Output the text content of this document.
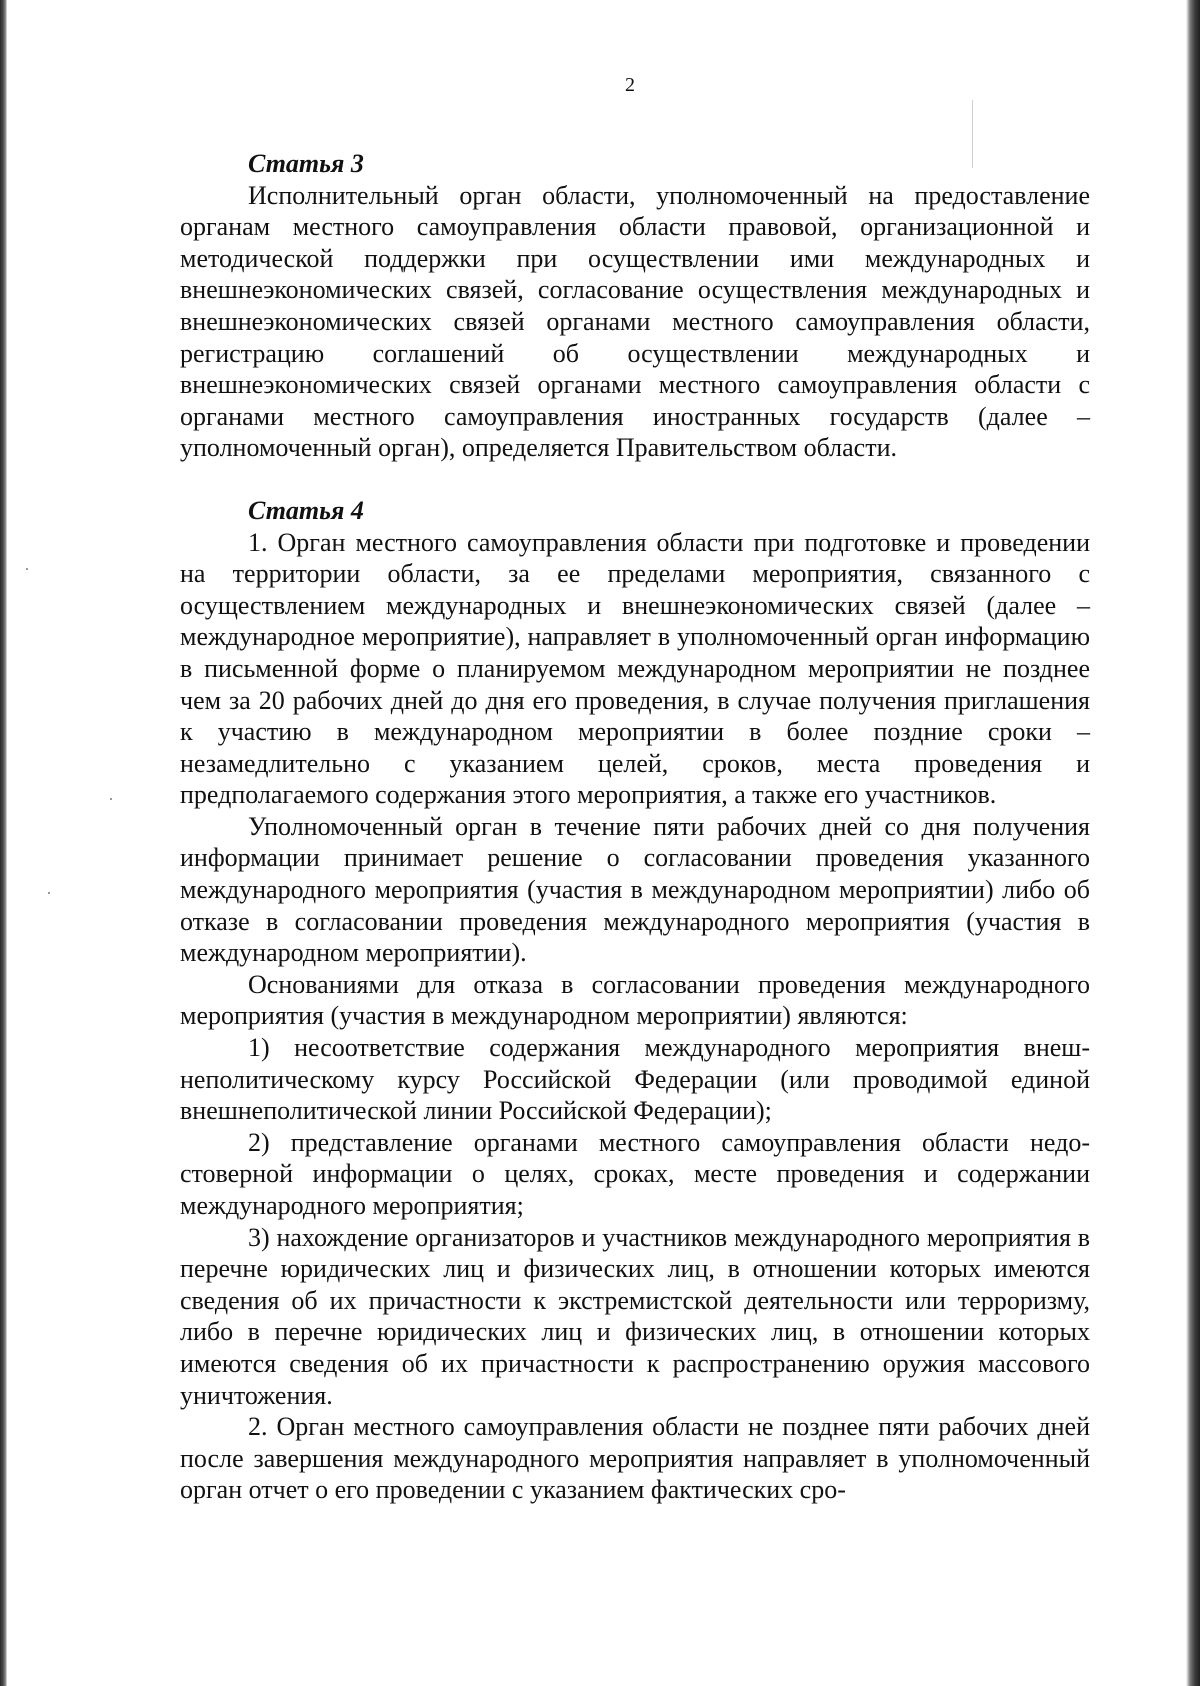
2

Статья 3

Исполнительный орган области, уполномоченный на предоставление органам местного самоуправления области правовой, организационной и методической поддержки при осуществлении ими международных и внешнеэкономических связей, согласование осуществления международных и внешнеэкономических связей органами местного самоуправления области, регистрацию соглашений об осуществлении международных и внешнеэкономических связей органами местного самоуправления области с органами местного самоуправления иностранных государств (далее – уполномоченный орган), определяется Правительством области.

Статья 4

1. Орган местного самоуправления области при подготовке и проведении на территории области, за ее пределами мероприятия, связанного с осуществлением международных и внешнеэкономических связей (далее – международное мероприятие), направляет в уполномоченный орган информацию в письменной форме о планируемом международном мероприятии не позднее чем за 20 рабочих дней до дня его проведения, в случае получения приглашения к участию в международном мероприятии в более поздние сроки – незамедлительно с указанием целей, сроков, места проведения и предполагаемого содержания этого мероприятия, а также его участников.

Уполномоченный орган в течение пяти рабочих дней со дня получения информации принимает решение о согласовании проведения указанного международного мероприятия (участия в международном мероприятии) либо об отказе в согласовании проведения международного мероприятия (участия в международном мероприятии).

Основаниями для отказа в согласовании проведения международного мероприятия (участия в международном мероприятии) являются:

1) несоответствие содержания международного мероприятия внешнеполитическому курсу Российской Федерации (или проводимой единой внешнеполитической линии Российской Федерации);

2) представление органами местного самоуправления области недостоверной информации о целях, сроках, месте проведения и содержании международного мероприятия;

3) нахождение организаторов и участников международного мероприятия в перечне юридических лиц и физических лиц, в отношении которых имеются сведения об их причастности к экстремистской деятельности или терроризму, либо в перечне юридических лиц и физических лиц, в отношении которых имеются сведения об их причастности к распространению оружия массового уничтожения.

2. Орган местного самоуправления области не позднее пяти рабочих дней после завершения международного мероприятия направляет в уполномоченный орган отчет о его проведении с указанием фактических сро-
